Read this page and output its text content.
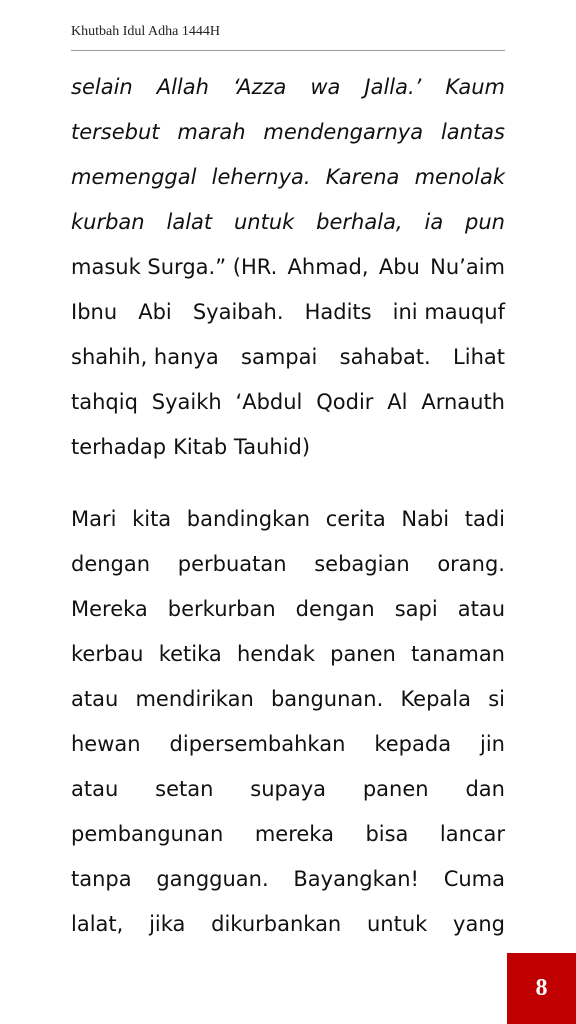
Khutbah Idul Adha 1444H
selain Allah ‘Azza wa Jalla.’ Kaum
tersebut marah mendengarnya lantas
memenggal lehernya. Karena menolak
kurban lalat untuk berhala, ia pun
masuk Surga.” (HR. Ahmad, Abu Nu’aim
Ibnu Abi Syaibah. Hadits ini mauquf
shahih, hanya sampai sahabat. Lihat
tahqiq Syaikh ‘Abdul Qodir Al Arnauth
terhadap Kitab Tauhid)
Mari kita bandingkan cerita Nabi tadi
dengan perbuatan sebagian orang.
Mereka berkurban dengan sapi atau
kerbau ketika hendak panen tanaman
atau mendirikan bangunan. Kepala si
hewan dipersembahkan kepada jin
atau setan supaya panen dan
pembangunan mereka bisa lancar
tanpa gangguan. Bayangkan! Cuma
lalat, jika dikurbankan untuk yang
8
